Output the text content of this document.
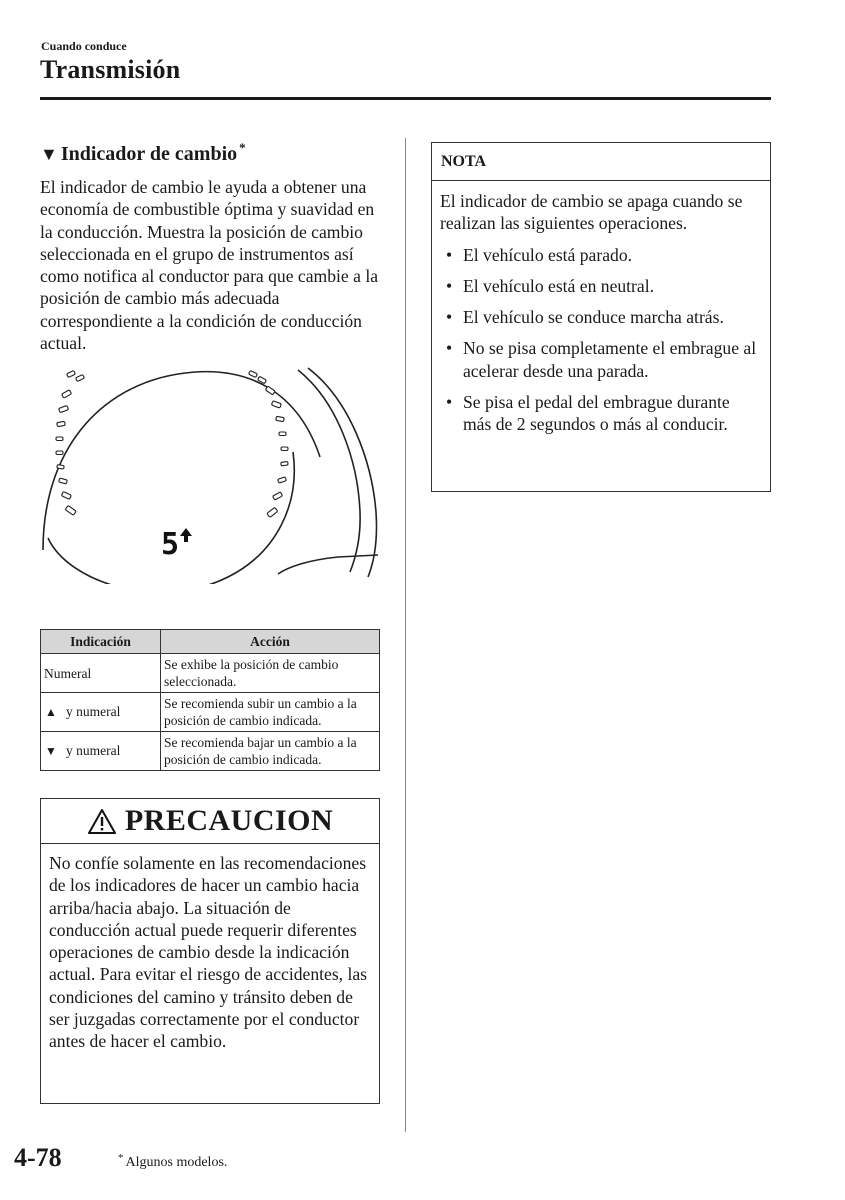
Cuando conduce
Transmisión
▼ Indicador de cambio *
El indicador de cambio le ayuda a obtener una economía de combustible óptima y suavidad en la conducción. Muestra la posición de cambio seleccionada en el grupo de instrumentos así como notifica al conductor para que cambie a la posición de cambio más adecuada correspondiente a la condición de conducción actual.
5
Indicación	Acción
Numeral	Se exhibe la posición de cambio seleccionada.
▲ y numeral	Se recomienda subir un cambio a la posición de cambio indicada.
▼ y numeral	Se recomienda bajar un cambio a la posición de cambio indicada.
PRECAUCION
No confíe solamente en las recomendaciones de los indicadores de hacer un cambio hacia arriba/hacia abajo. La situación de conducción actual puede requerir diferentes operaciones de cambio desde la indicación actual. Para evitar el riesgo de accidentes, las condiciones del camino y tránsito deben de ser juzgadas correctamente por el conductor antes de hacer el cambio.
NOTA
El indicador de cambio se apaga cuando se realizan las siguientes operaciones.
• El vehículo está parado.
• El vehículo está en neutral.
• El vehículo se conduce marcha atrás.
• No se pisa completamente el embrague al acelerar desde una parada.
• Se pisa el pedal del embrague durante más de 2 segundos o más al conducir.
4-78	* Algunos modelos.
